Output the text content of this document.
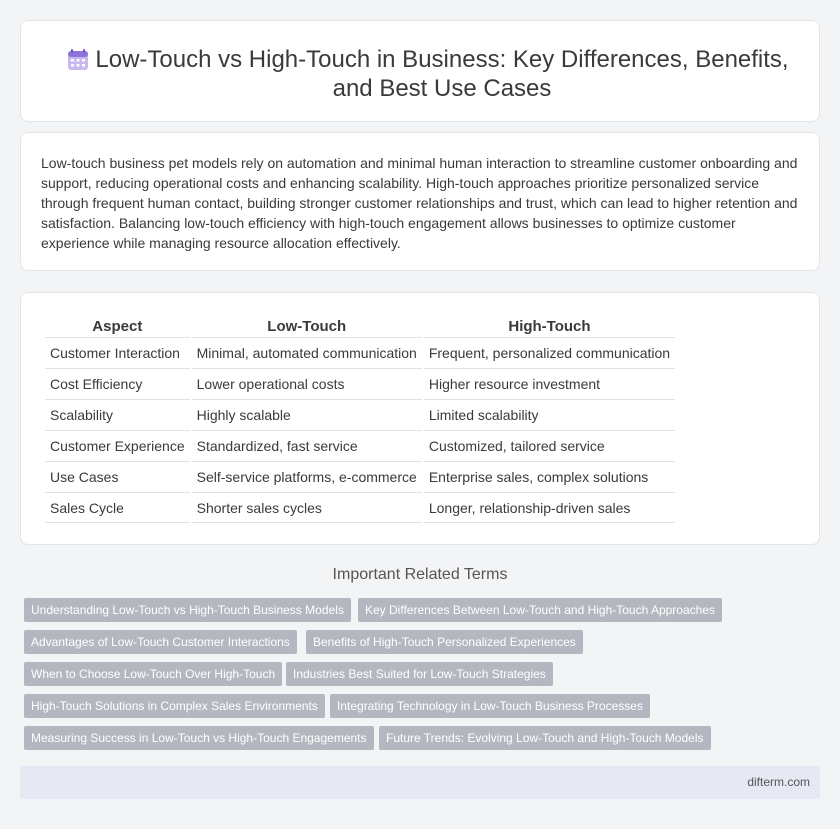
Low-Touch vs High-Touch in Business: Key Differences, Benefits, and Best Use Cases

Low-touch business pet models rely on automation and minimal human interaction to streamline customer onboarding and support, reducing operational costs and enhancing scalability. High-touch approaches prioritize personalized service through frequent human contact, building stronger customer relationships and trust, which can lead to higher retention and satisfaction. Balancing low-touch efficiency with high-touch engagement allows businesses to optimize customer experience while managing resource allocation effectively.

Aspect	Low-Touch	High-Touch
Customer Interaction	Minimal, automated communication	Frequent, personalized communication
Cost Efficiency	Lower operational costs	Higher resource investment
Scalability	Highly scalable	Limited scalability
Customer Experience	Standardized, fast service	Customized, tailored service
Use Cases	Self-service platforms, e-commerce	Enterprise sales, complex solutions
Sales Cycle	Shorter sales cycles	Longer, relationship-driven sales
Important Related Terms
Understanding Low-Touch vs High-Touch Business Models	Key Differences Between Low-Touch and High-Touch Approaches
Advantages of Low-Touch Customer Interactions	Benefits of High-Touch Personalized Experiences
When to Choose Low-Touch Over High-Touch	Industries Best Suited for Low-Touch Strategies
High-Touch Solutions in Complex Sales Environments	Integrating Technology in Low-Touch Business Processes
Measuring Success in Low-Touch vs High-Touch Engagements	Future Trends: Evolving Low-Touch and High-Touch Models
difterm.com
